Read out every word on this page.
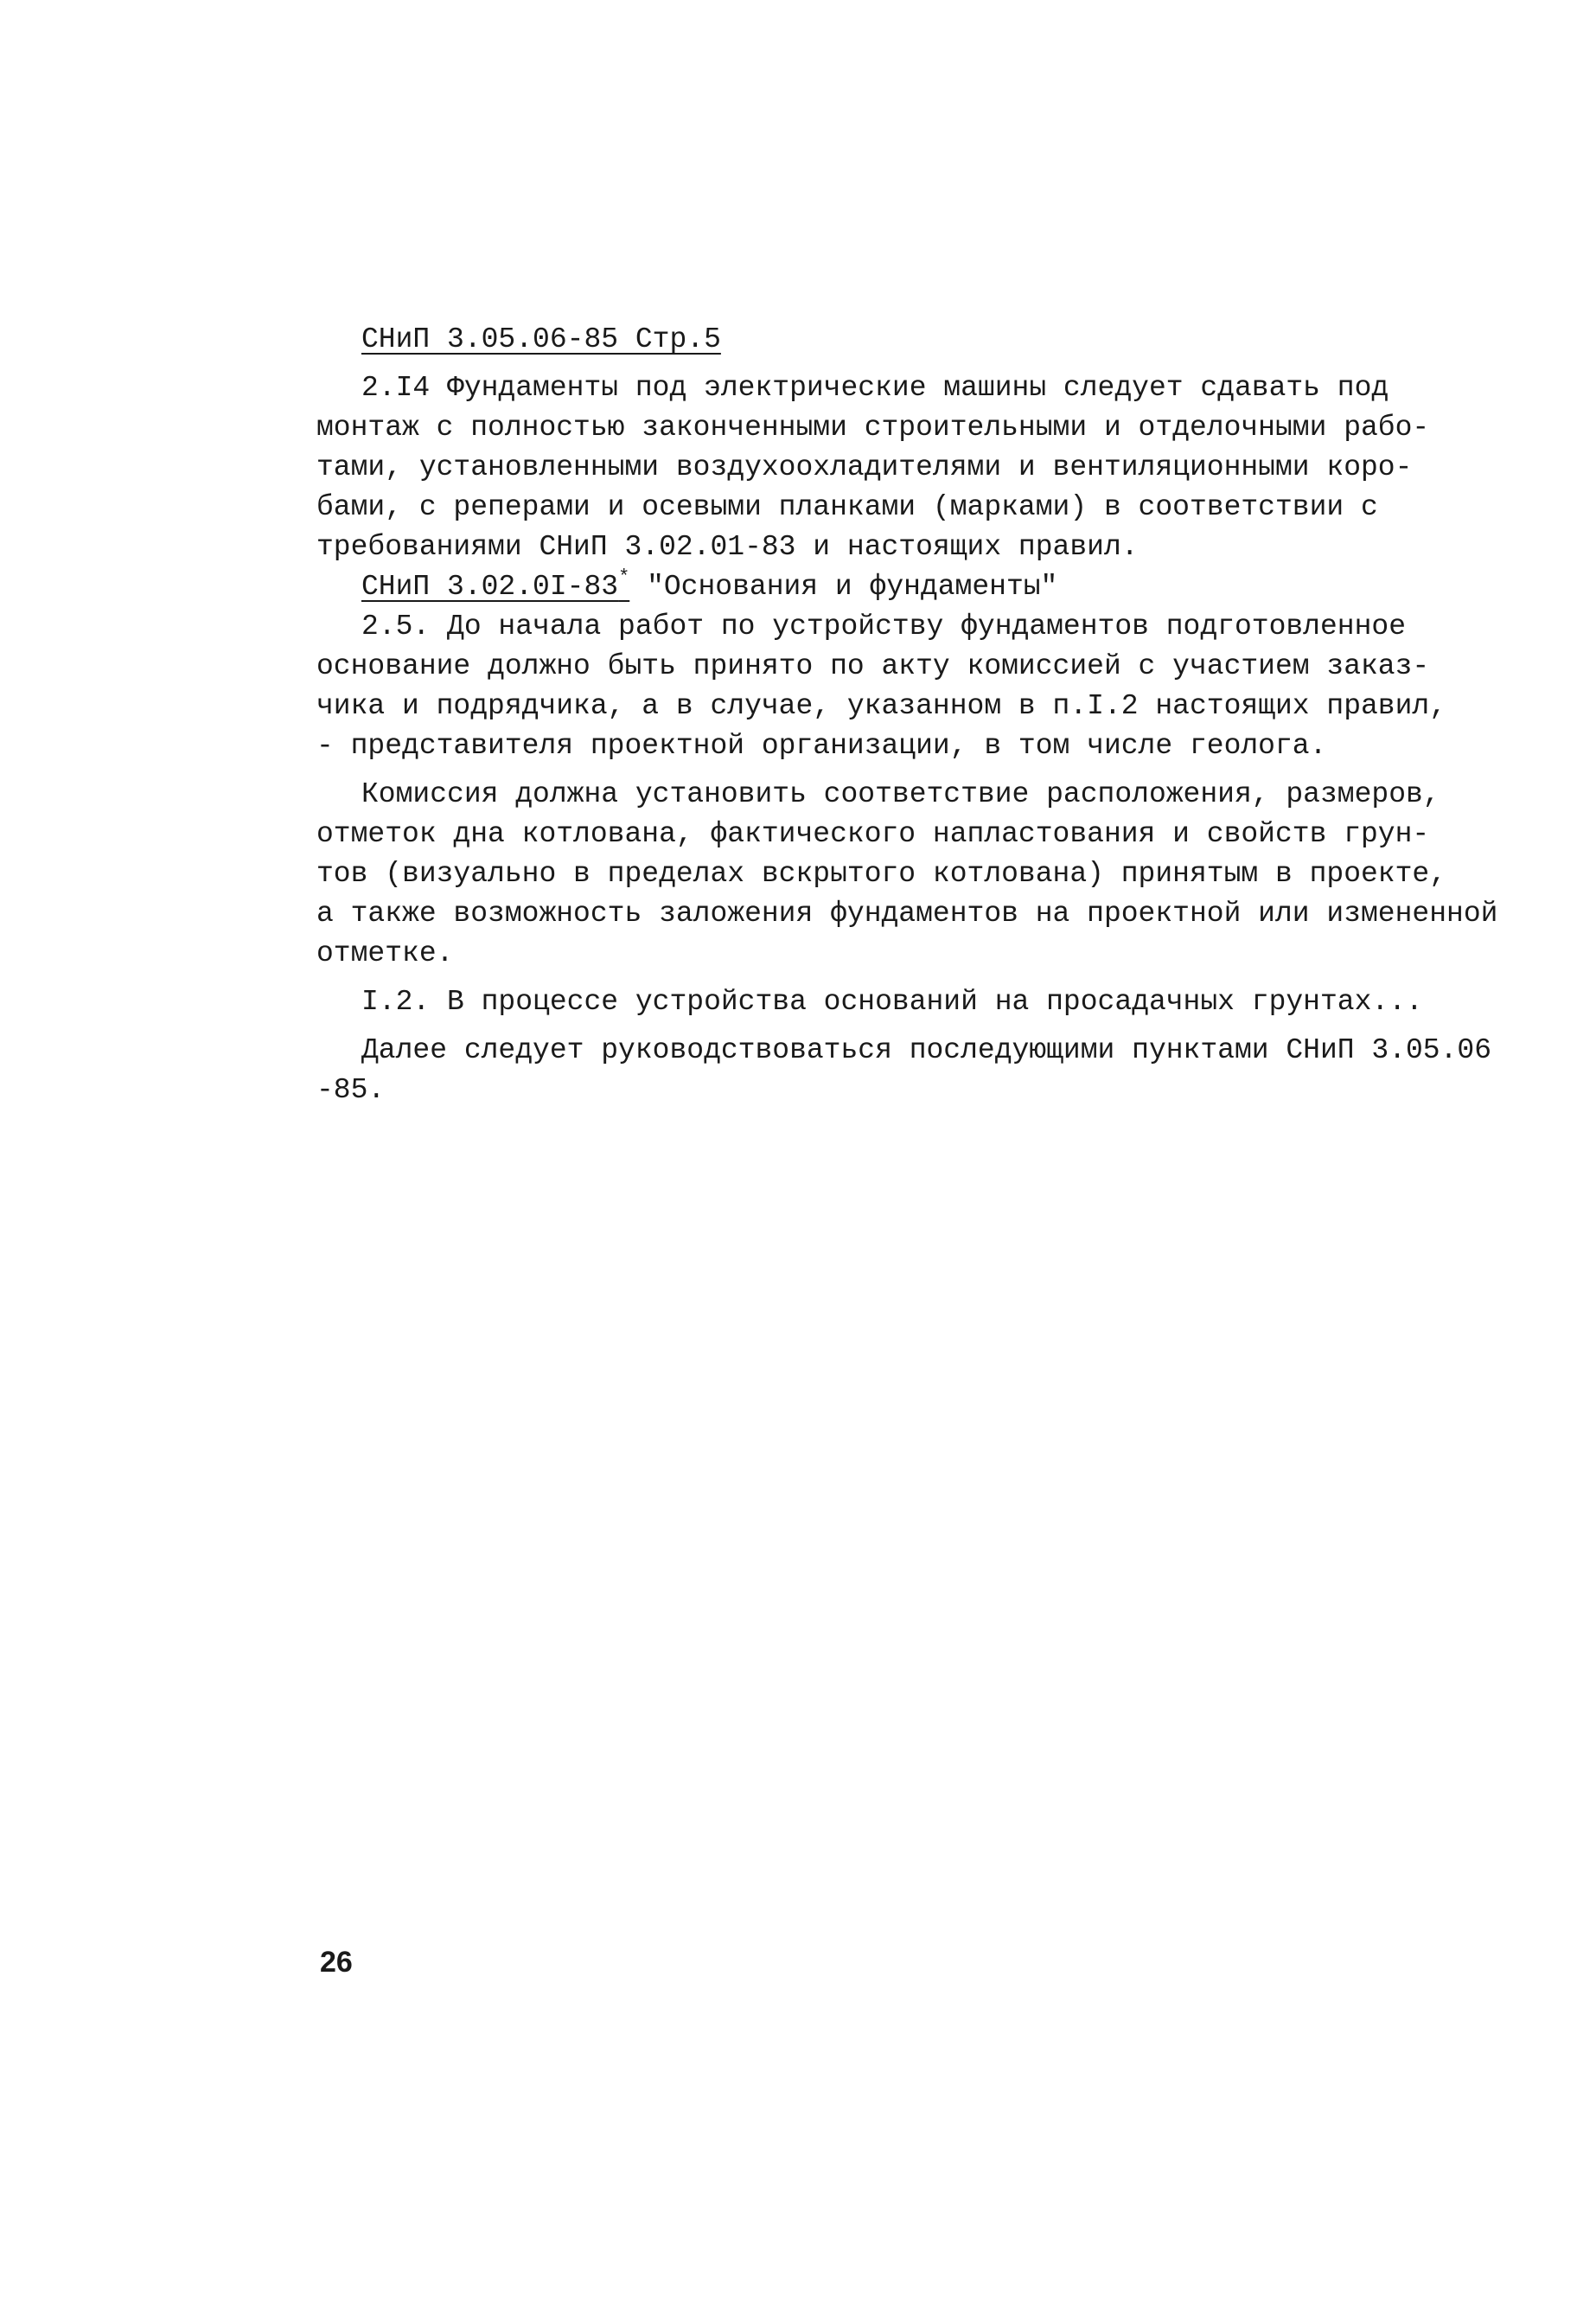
СНиП 3.05.06-85 Стр.5
2.I4 Фундаменты под электрические машины следует сдавать под
монтаж с полностью законченными строительными и отделочными рабо-
тами, установленными воздухоохладителями и вентиляционными коро-
бами, с реперами и осевыми планками (марками) в соответствии с
требованиями СНиП 3.02.01-83 и настоящих правил.
СНиП 3.02.0I-83* "Основания и фундаменты"
2.5. До начала работ по устройству фундаментов подготовленное
основание должно быть принято по акту комиссией с участием заказ-
чика и подрядчика, а в случае, указанном в п.I.2 настоящих правил,
- представителя проектной организации, в том числе геолога.
Комиссия должна установить соответствие расположения, размеров,
отметок дна котлована, фактического напластования и свойств грун-
тов (визуально в пределах вскрытого котлована) принятым в проекте,
а также возможность заложения фундаментов на проектной или измененной
отметке.
I.2. В процессе устройства оснований на просадачных грунтах...
Далее следует руководствоваться последующими пунктами СНиП 3.05.06
-85.
26
